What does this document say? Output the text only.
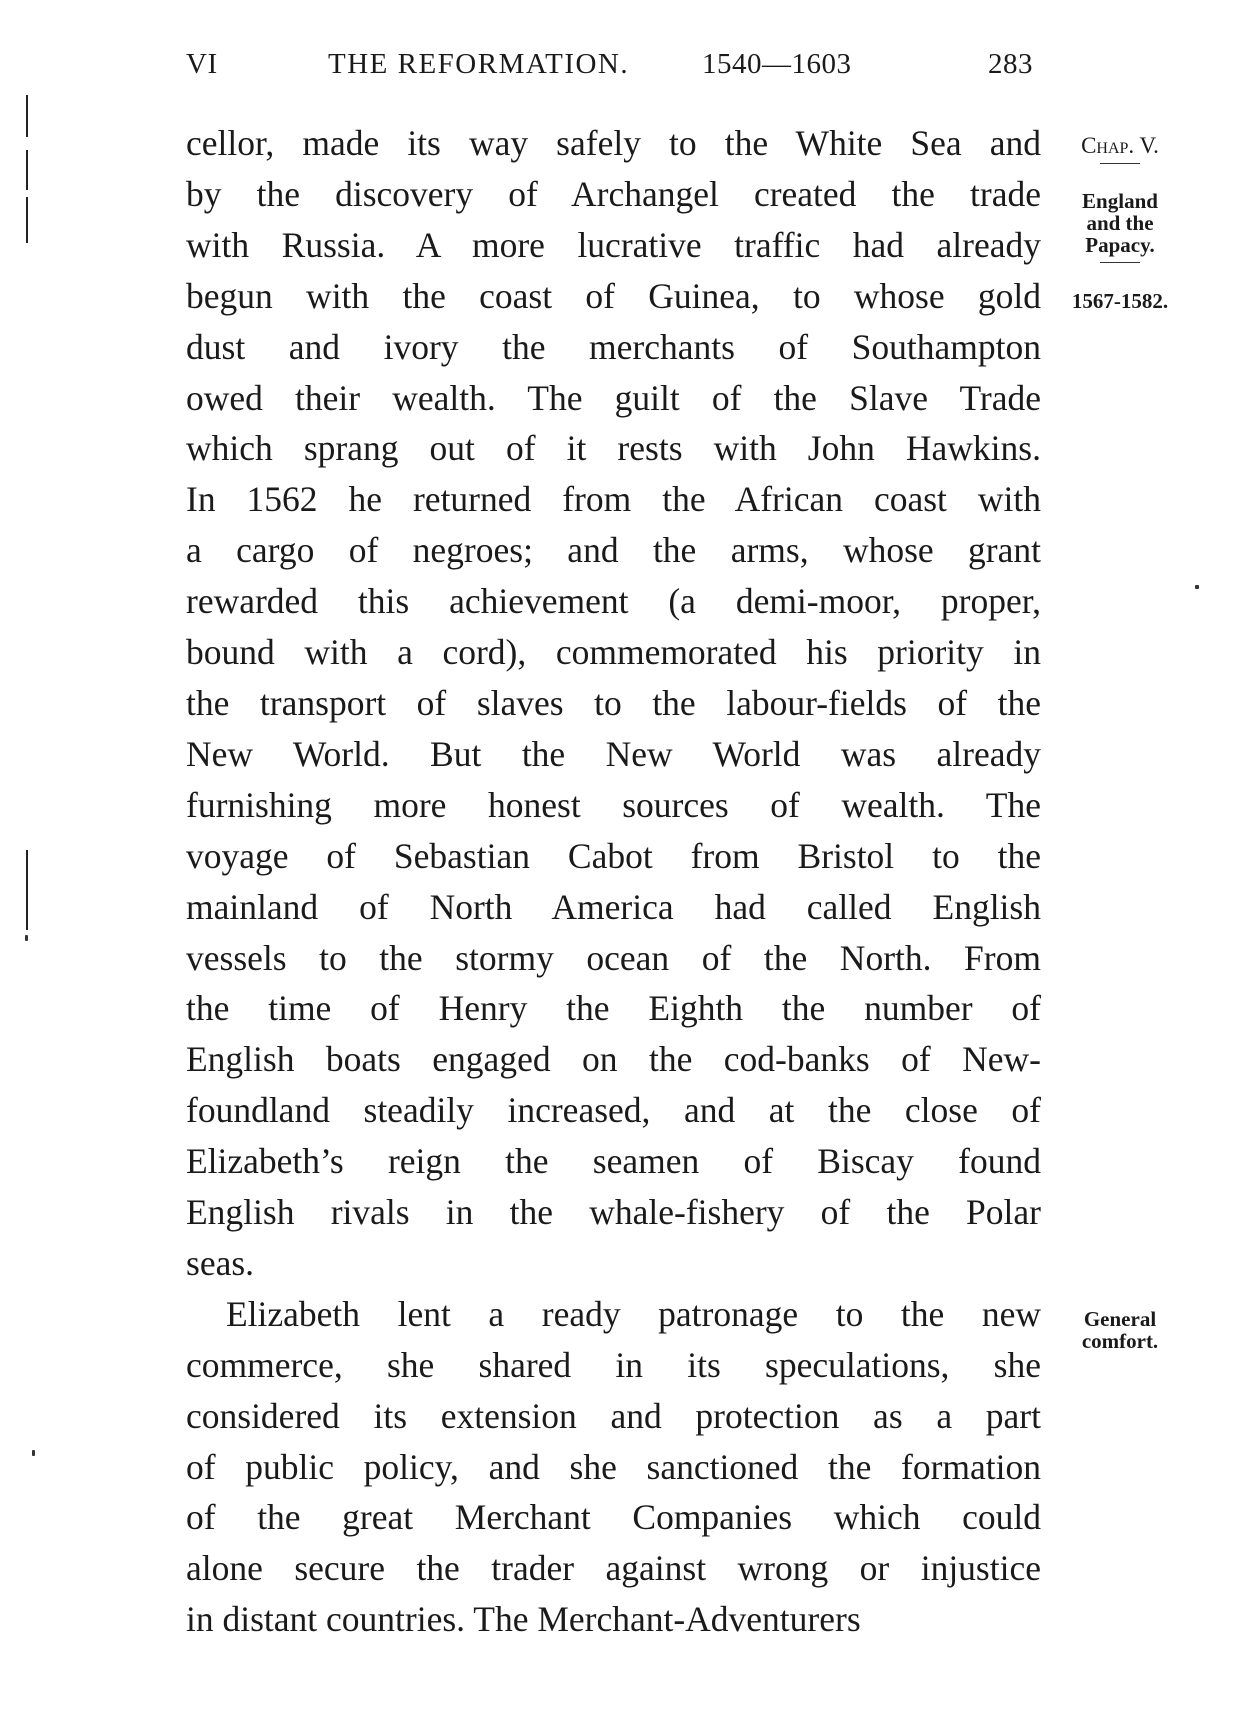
VI	THE REFORMATION.	1540—1603	283
Chap. V.
England
and the
Papacy.
1567-1582.
General
comfort.
cellor, made its way safely to the White Sea and
by the discovery of Archangel created the trade
with Russia. A more lucrative traffic had already
begun with the coast of Guinea, to whose gold
dust and ivory the merchants of Southampton
owed their wealth. The guilt of the Slave Trade
which sprang out of it rests with John Hawkins.
In 1562 he returned from the African coast with
a cargo of negroes; and the arms, whose grant
rewarded this achievement (a demi-moor, proper,
bound with a cord), commemorated his priority in
the transport of slaves to the labour-fields of the
New World. But the New World was already
furnishing more honest sources of wealth. The
voyage of Sebastian Cabot from Bristol to the
mainland of North America had called English
vessels to the stormy ocean of the North. From
the time of Henry the Eighth the number of
English boats engaged on the cod-banks of New-
foundland steadily increased, and at the close of
Elizabeth’s reign the seamen of Biscay found
English rivals in the whale-fishery of the Polar
seas.
Elizabeth lent a ready patronage to the new
commerce, she shared in its speculations, she
considered its extension and protection as a part
of public policy, and she sanctioned the formation
of the great Merchant Companies which could
alone secure the trader against wrong or injustice
in distant countries. The Merchant-Adventurers
